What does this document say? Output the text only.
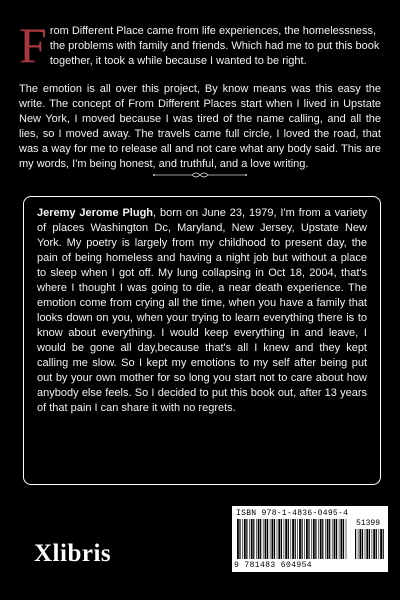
From Different Place came from life experiences, the homelessness, the problems with family and friends. Which had me to put this book together, it took a while because I wanted to be right.
The emotion is all over this project, By know means was this easy the write. The concept of From Different Places start when I lived in Upstate New York, I moved because I was tired of the name calling, and all the lies, so I moved away. The travels came full circle, I loved the road, that was a way for me to release all and not care what any body said. This are my words, I'm being honest, and truthful, and a love writing.
Jeremy Jerome Plugh, born on June 23, 1979, I'm from a variety of places Washington Dc, Maryland, New Jersey, Upstate New York. My poetry is largely from my childhood to present day, the pain of being homeless and having a night job but without a place to sleep when I got off. My lung collapsing in Oct 18, 2004, that's where I thought I was going to die, a near death experience. The emotion come from crying all the time, when you have a family that looks down on you, when your trying to learn everything there is to know about everything. I would keep everything in and leave, I would be gone all day,because that's all I knew and they kept calling me slow. So I kept my emotions to my self after being put out by your own mother for so long you start not to care about how anybody else feels. So I decided to put this book out, after 13 years of that pain I can share it with no regrets.
Xlibris
ISBN 978-1-4836-0495-4
51399
9 781483 604954
